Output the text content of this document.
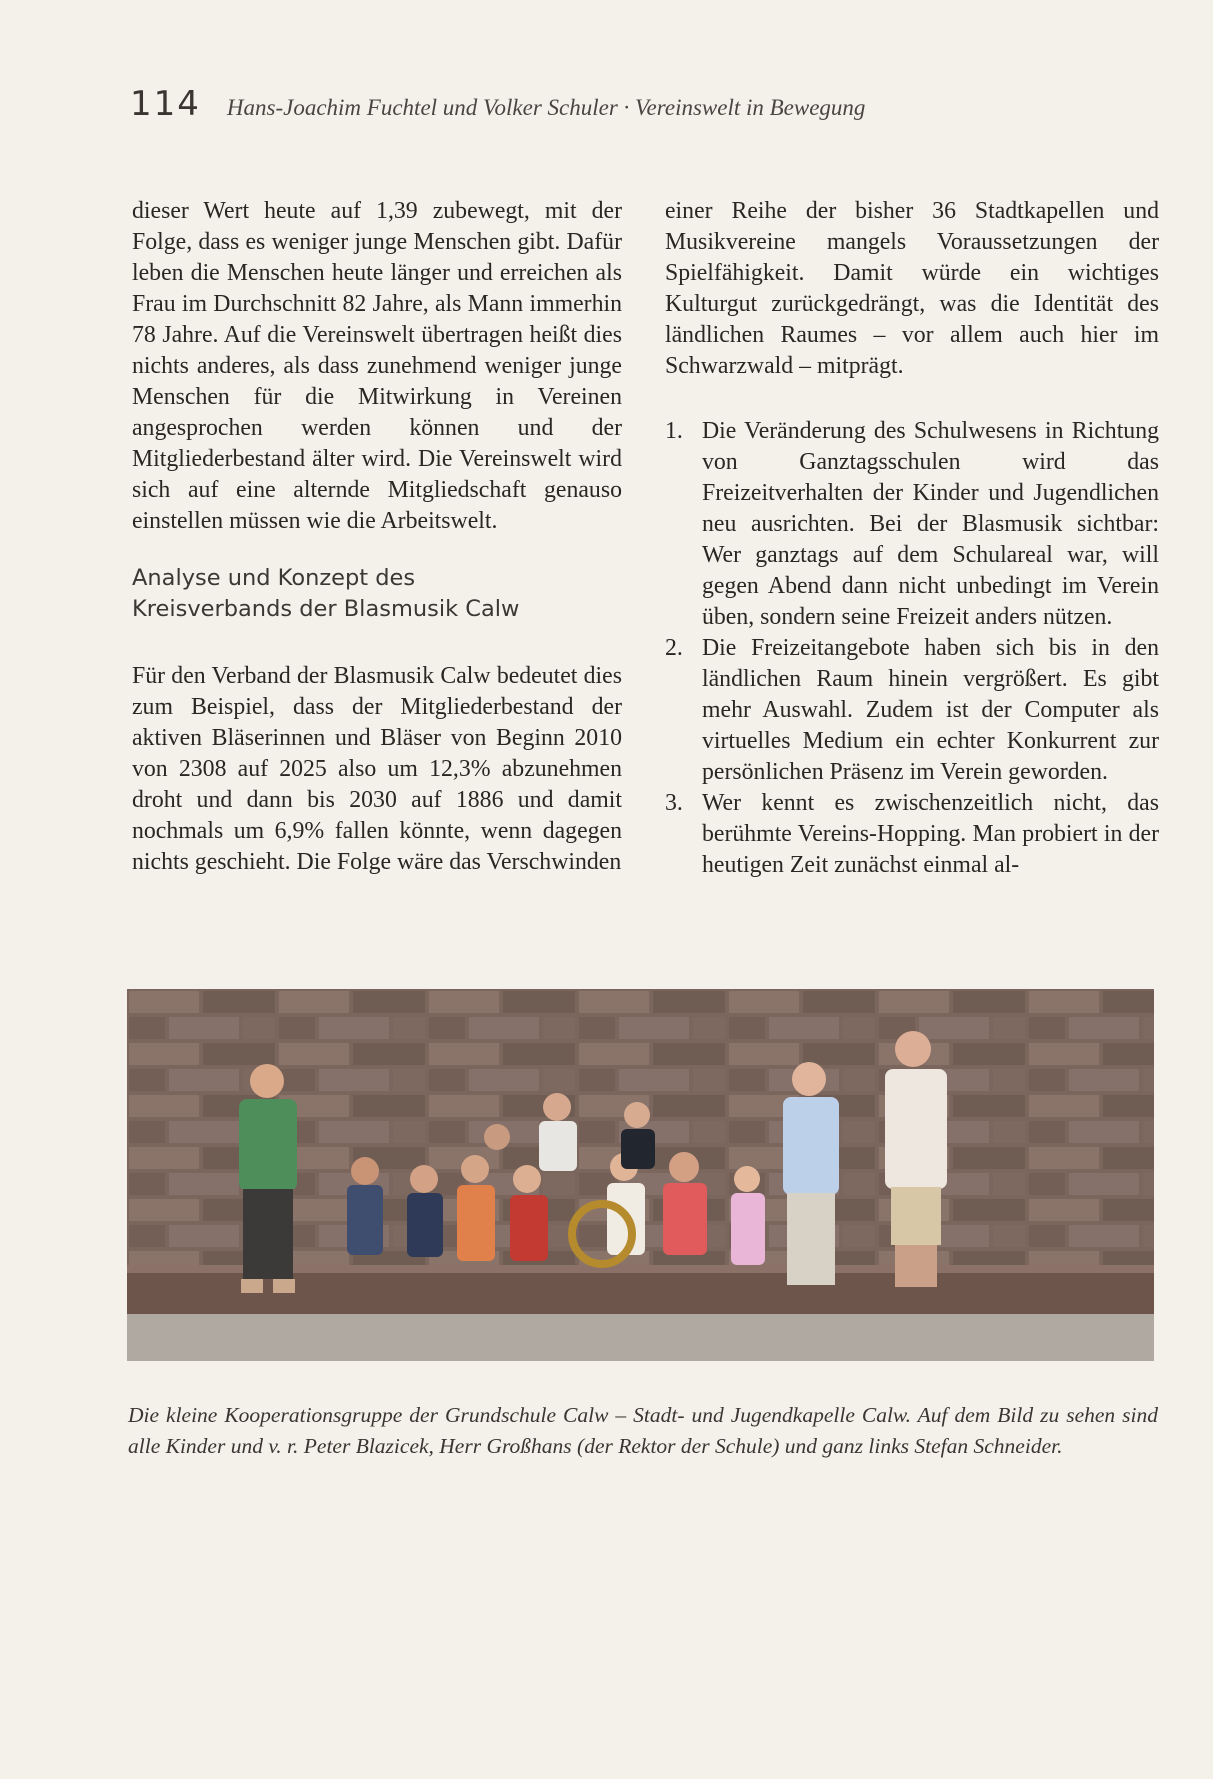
114 Hans-Joachim Fuchtel und Volker Schuler · Vereinswelt in Bewegung

dieser Wert heute auf 1,39 zubewegt, mit der Folge, dass es weniger junge Menschen gibt. Dafür leben die Menschen heute länger und erreichen als Frau im Durchschnitt 82 Jahre, als Mann immerhin 78 Jahre. Auf die Vereinswelt übertragen heißt dies nichts anderes, als dass zunehmend weniger junge Menschen für die Mitwirkung in Vereinen angesprochen werden können und der Mitgliederbestand älter wird. Die Vereinswelt wird sich auf eine alternde Mitgliedschaft genauso einstellen müssen wie die Arbeitswelt.

Analyse und Konzept des
Kreisverbands der Blasmusik Calw

Für den Verband der Blasmusik Calw bedeutet dies zum Beispiel, dass der Mitgliederbestand der aktiven Bläserinnen und Bläser von Beginn 2010 von 2308 auf 2025 also um 12,3% abzunehmen droht und dann bis 2030 auf 1886 und damit nochmals um 6,9% fallen könnte, wenn dagegen nichts geschieht. Die Folge wäre das Verschwinden

einer Reihe der bisher 36 Stadtkapellen und Musikvereine mangels Voraussetzungen der Spielfähigkeit. Damit würde ein wichtiges Kulturgut zurückgedrängt, was die Identität des ländlichen Raumes – vor allem auch hier im Schwarzwald – mitprägt.

1. Die Veränderung des Schulwesens in Richtung von Ganztagsschulen wird das Freizeitverhalten der Kinder und Jugendlichen neu ausrichten. Bei der Blasmusik sichtbar: Wer ganztags auf dem Schulareal war, will gegen Abend dann nicht unbedingt im Verein üben, sondern seine Freizeit anders nützen.
2. Die Freizeitangebote haben sich bis in den ländlichen Raum hinein vergrößert. Es gibt mehr Auswahl. Zudem ist der Computer als virtuelles Medium ein echter Konkurrent zur persönlichen Präsenz im Verein geworden.
3. Wer kennt es zwischenzeitlich nicht, das berühmte Vereins-Hopping. Man probiert in der heutigen Zeit zunächst einmal al-
Die kleine Kooperationsgruppe der Grundschule Calw – Stadt- und Jugendkapelle Calw. Auf dem Bild zu sehen sind alle Kinder und v. r. Peter Blazicek, Herr Großhans (der Rektor der Schule) und ganz links Stefan Schneider.
